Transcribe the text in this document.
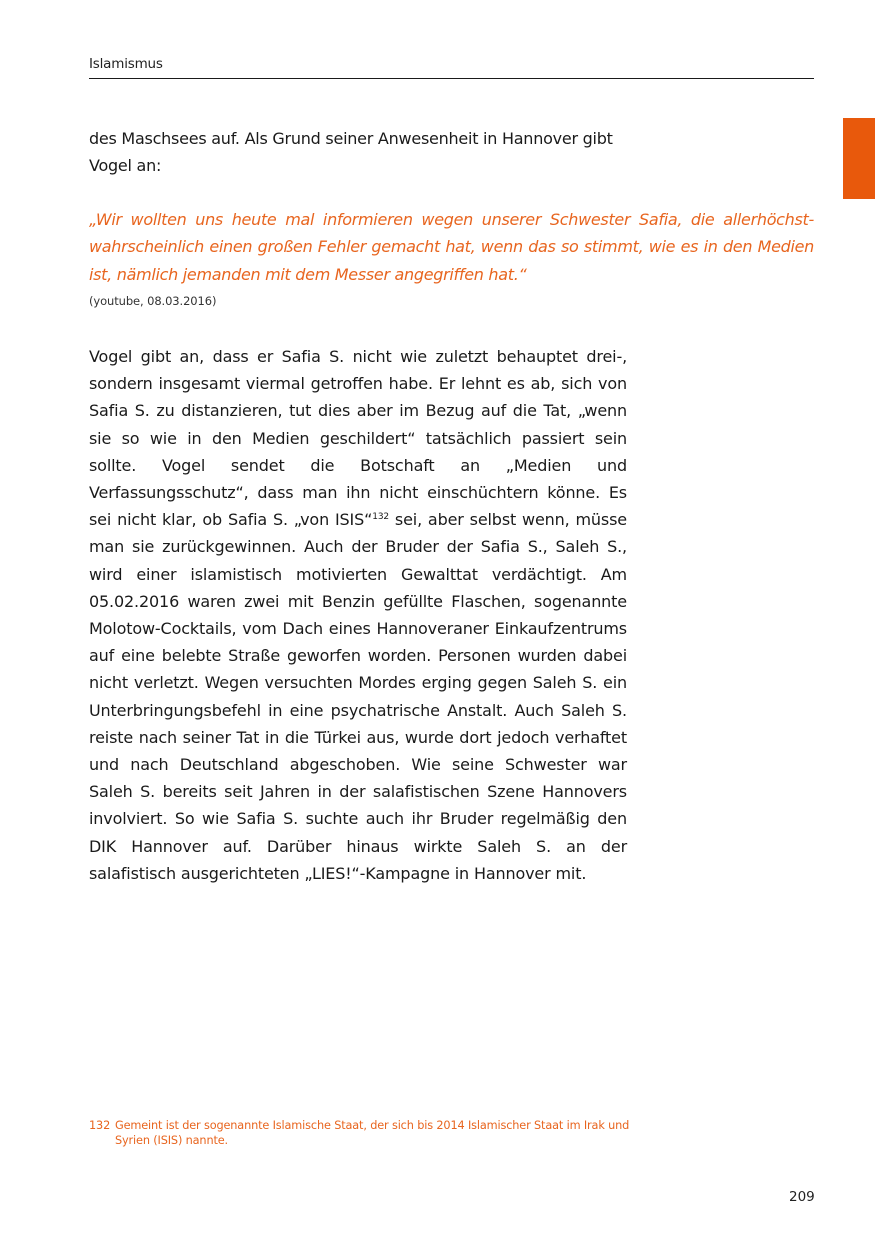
Islamismus

des Maschsees auf. Als Grund seiner Anwesenheit in Hannover gibt
Vogel an:

„Wir wollten uns heute mal informieren wegen unserer Schwester Safia, die allerhöchst-wahrscheinlich einen großen Fehler gemacht hat, wenn das so stimmt, wie es in den Medien ist, nämlich jemanden mit dem Messer angegriffen hat.“

(youtube, 08.03.2016)

Vogel gibt an, dass er Safia S. nicht wie zuletzt behauptet drei-, sondern insgesamt viermal getroffen habe. Er lehnt es ab, sich von Safia S. zu distanzieren, tut dies aber im Bezug auf die Tat, „wenn sie so wie in den Medien geschildert“ tatsächlich passiert sein sollte. Vogel sendet die Botschaft an „Medien und Verfassungsschutz“, dass man ihn nicht einschüchtern könne. Es sei nicht klar, ob Safia S. „von ISIS“$^{132}$ sei, aber selbst wenn, müsse man sie zurückgewinnen. Auch der Bruder der Safia S., Saleh S., wird einer islamistisch motivierten Gewalttat verdächtigt. Am 05.02.2016 waren zwei mit Benzin gefüllte Flaschen, sogenannte Molotow-Cocktails, vom Dach eines Hannoveraner Einkaufzentrums auf eine belebte Straße geworfen worden. Personen wurden dabei nicht verletzt. Wegen versuchten Mordes erging gegen Saleh S. ein Unterbringungsbefehl in eine psychatrische Anstalt. Auch Saleh S. reiste nach seiner Tat in die Türkei aus, wurde dort jedoch verhaftet und nach Deutschland abgeschoben. Wie seine Schwester war Saleh S. bereits seit Jahren in der salafistischen Szene Hannovers involviert. So wie Safia S. suchte auch ihr Bruder regelmäßig den DIK Hannover auf. Darüber hinaus wirkte Saleh S. an der salafistisch ausgerichteten „LIES!“-Kampagne in Hannover mit.

132 Gemeint ist der sogenannte Islamische Staat, der sich bis 2014 Islamischer Staat im Irak und Syrien (ISIS) nannte.
209
